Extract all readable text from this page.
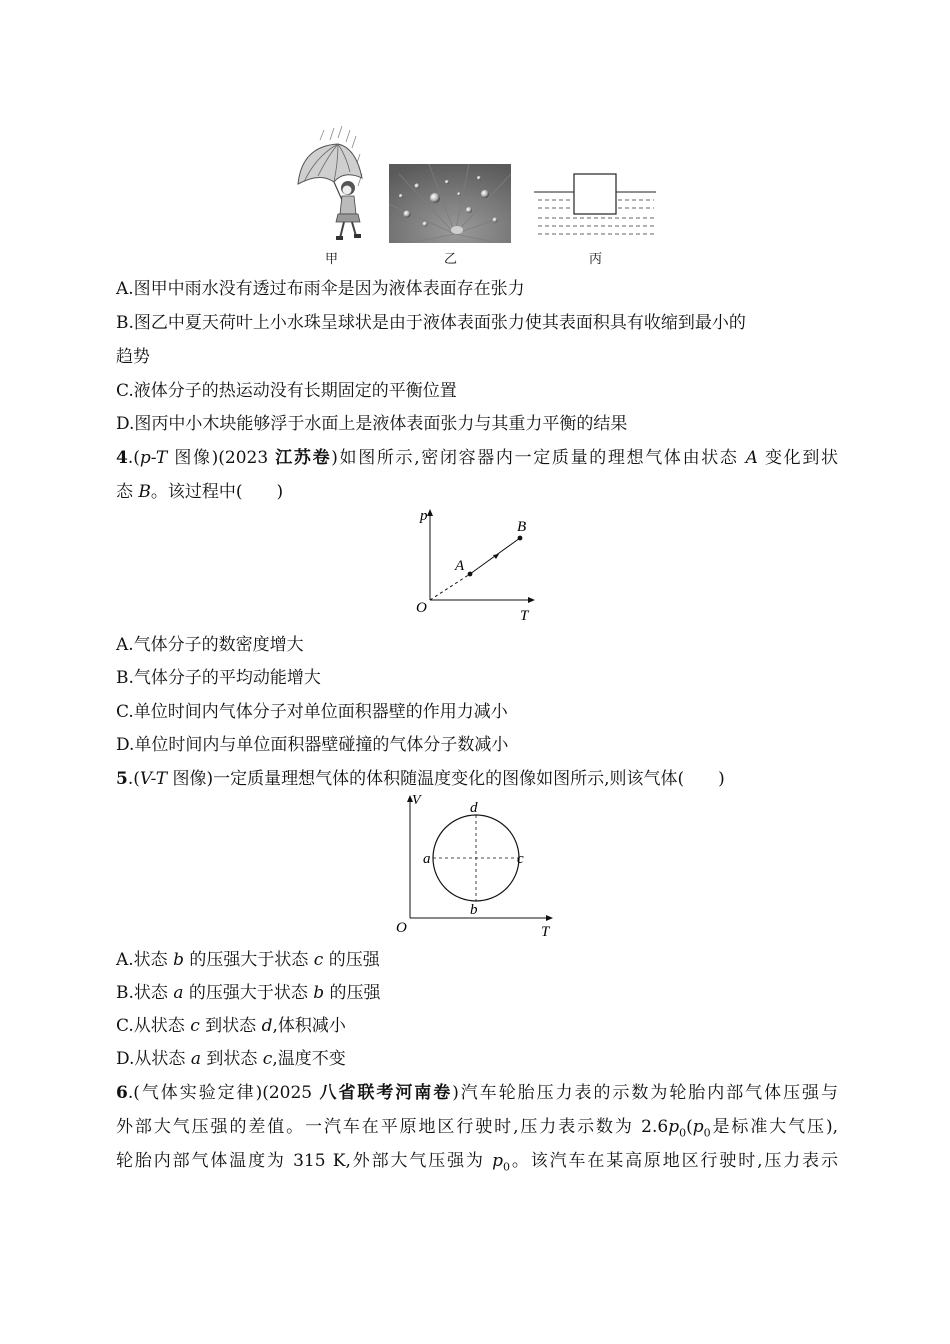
甲	乙	丙
A.图甲中雨水没有透过布雨伞是因为液体表面存在张力
B.图乙中夏天荷叶上小水珠呈球状是由于液体表面张力使其表面积具有收缩到最小的
趋势
C.液体分子的热运动没有长期固定的平衡位置
D.图丙中小木块能够浮于水面上是液体表面张力与其重力平衡的结果
4.(p-T 图像)(2023 江苏卷)如图所示,密闭容器内一定质量的理想气体由状态 A 变化到状
态 B。该过程中(　　)
p
T
O
A
B
A.气体分子的数密度增大
B.气体分子的平均动能增大
C.单位时间内气体分子对单位面积器壁的作用力减小
D.单位时间内与单位面积器壁碰撞的气体分子数减小
5.(V-T 图像)一定质量理想气体的体积随温度变化的图像如图所示,则该气体(　　)
V
T
O
d
a	c
b
A.状态 b 的压强大于状态 c 的压强
B.状态 a 的压强大于状态 b 的压强
C.从状态 c 到状态 d,体积减小
D.从状态 a 到状态 c,温度不变
6.(气体实验定律)(2025 八省联考河南卷)汽车轮胎压力表的示数为轮胎内部气体压强与
外部大气压强的差值。一汽车在平原地区行驶时,压力表示数为 $2.6p_0(p_0$是标准大气压),
轮胎内部气体温度为 315 K,外部大气压强为 $p_0$。该汽车在某高原地区行驶时,压力表示
